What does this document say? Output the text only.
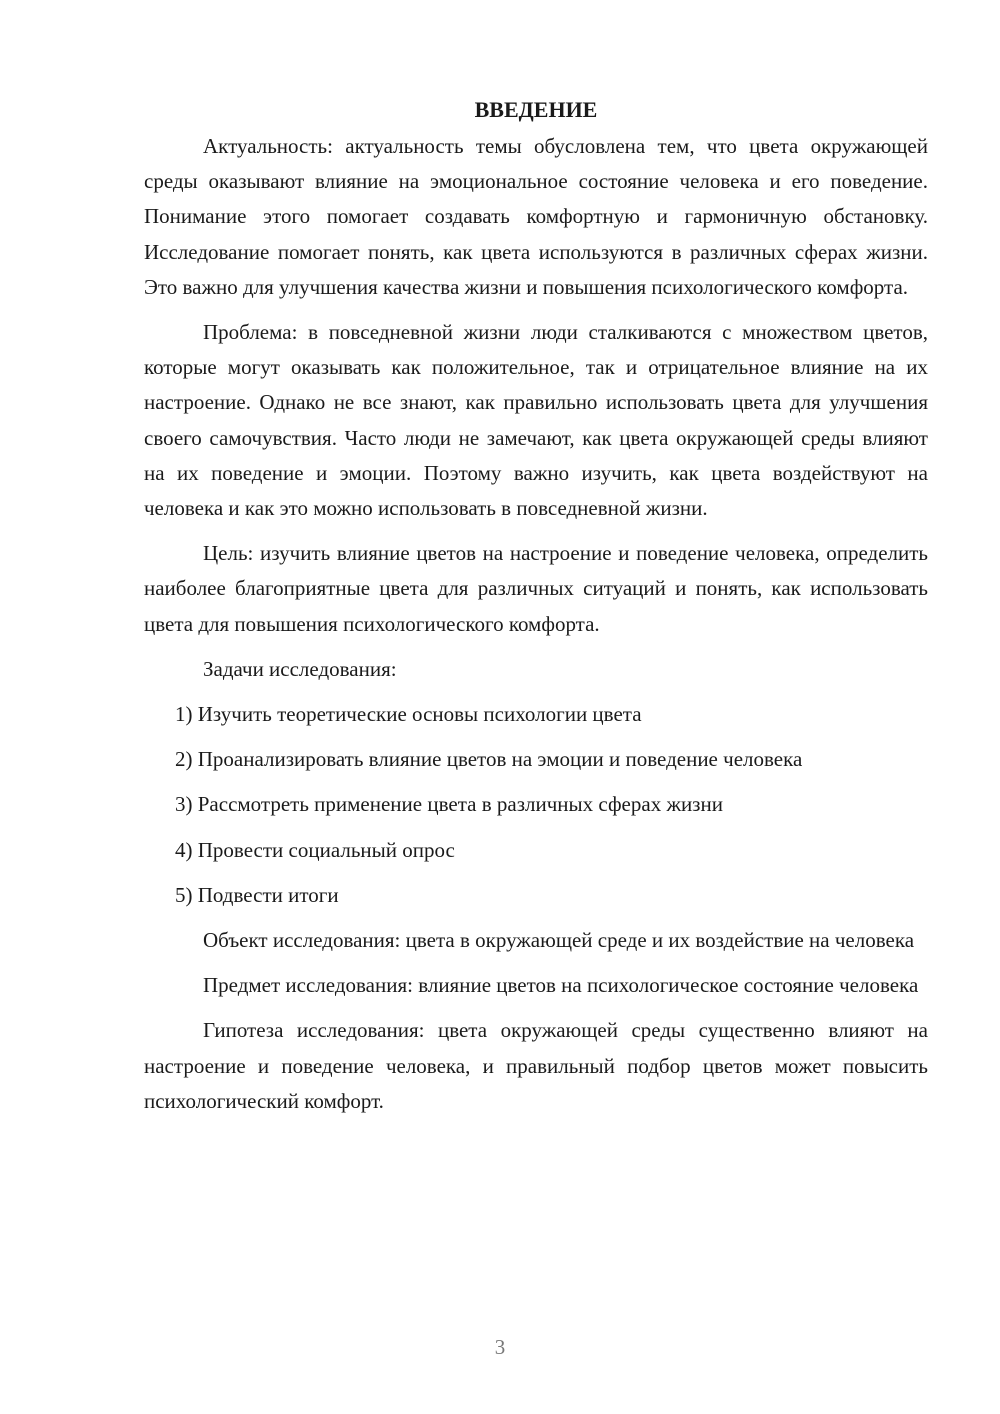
ВВЕДЕНИЕ

Актуальность: актуальность темы обусловлена тем, что цвета окружающей среды оказывают влияние на эмоциональное состояние человека и его поведение. Понимание этого помогает создавать комфортную и гармоничную обстановку. Исследование помогает понять, как цвета используются в различных сферах жизни. Это важно для улучшения качества жизни и повышения психологического комфорта.

Проблема: в повседневной жизни люди сталкиваются с множеством цветов, которые могут оказывать как положительное, так и отрицательное влияние на их настроение. Однако не все знают, как правильно использовать цвета для улучшения своего самочувствия. Часто люди не замечают, как цвета окружающей среды влияют на их поведение и эмоции. Поэтому важно изучить, как цвета воздействуют на человека и как это можно использовать в повседневной жизни.

Цель: изучить влияние цветов на настроение и поведение человека, определить наиболее благоприятные цвета для различных ситуаций и понять, как использовать цвета для повышения психологического комфорта.

Задачи исследования:

1) Изучить теоретические основы психологии цвета
2) Проанализировать влияние цветов на эмоции и поведение человека
3) Рассмотреть применение цвета в различных сферах жизни
4) Провести социальный опрос
5) Подвести итоги

Объект исследования: цвета в окружающей среде и их воздействие на человека

Предмет исследования: влияние цветов на психологическое состояние человека

Гипотеза исследования: цвета окружающей среды существенно влияют на настроение и поведение человека, и правильный подбор цветов может повысить психологический комфорт.

3
